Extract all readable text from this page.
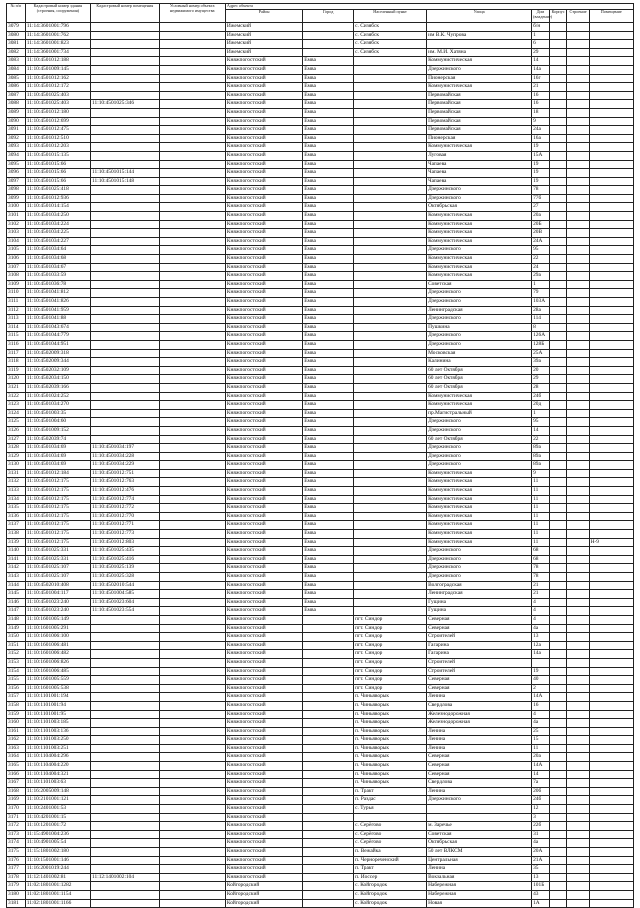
№ п/п	Кадастровый номер здания (строения, сооружения)	Кадастровый номер помещения	Условный номер объекта недвижимого имущества	Адрес объекта							
				Район	Город	Населенный пункт	Улица	Дом (владение)	Корпус	Строение	Помещение
3079	11:14:3601001:796			Ижемский		с. Сизябск		б/н			
3080	11:14:3601001:762			Ижемский		с. Сизябск	им В.К. Чупрова	1			
3081	11:14:3601001:823			Ижемский		с. Сизябск		6			
3082	11:14:3601001:734			Ижемский		с. Сизябск	им. М.И. Хатяна	29			
3083	11:10:4501012:188			Княжпогостский	Емва		Коммунистическая	14			
3084	11:10:4501009:145			Княжпогостский	Емва		Дзержинского	14а			
3085	11:10:4501012:162			Княжпогостский	Емва		Пионерская	16г			
3086	11:10:4501012:172			Княжпогостский	Емва		Коммунистическая	21			
3087	11:10:4501025:403			Княжпогостский	Емва		Первомайская	16			
3088	11:10:4501025:403	11:10:4501025:346		Княжпогостский	Емва		Первомайская	16			
3089	11:10:4501012:180			Княжпогостский	Емва		Первомайская	18			
3090	11:10:4501012:699			Княжпогостский	Емва		Первомайская	9			
3091	11:10:4501012:475			Княжпогостский	Емва		Первомайская	24а			
3092	11:10:4501012:510			Княжпогостский	Емва		Пионерская	16а			
3093	11:10:4501012:203			Княжпогостский	Емва		Коммунистическая	19			
3094	11:10:4501015:135			Княжпогостский	Емва		Луговая	15А			
3095	11:10:4501015:66			Княжпогостский	Емва		Чапаева	19			
3096	11:10:4501015:66	11:10:4501015:144		Княжпогостский	Емва		Чапаева	19			
3097	11:10:4501015:66	11:10:4501015:148		Княжпогостский	Емва		Чапаева	19			
3098	11:10:4501025:418			Княжпогостский	Емва		Дзержинского	78			
3099	11:10:4501012:936			Княжпогостский	Емва		Дзержинского	77б			
3100	11:10:4501014:154			Княжпогостский	Емва		Октябрьская	27			
3101	11:10:4501034:250			Княжпогостский	Емва		Коммунистическая	20а			
3102	11:10:4501034:224			Княжпогостский	Емва		Коммунистическая	20Б			
3103	11:10:4501034:225			Княжпогостский	Емва		Коммунистическая	20В			
3104	11:10:4501034:227			Княжпогостский	Емва		Коммунистическая	24А			
3105	11:10:4501034:64			Княжпогостский	Емва		Дзержинского	95			
3106	11:10:4501034:68			Княжпогостский	Емва		Коммунистическая	22			
3107	11:10:4501034:67			Княжпогостский	Емва		Коммунистическая	24			
3108	11:10:4501033:59			Княжпогостский	Емва		Коммунистическая	29а			
3109	11:10:4501036:78			Княжпогостский	Емва		Советская	1			
3110	11:10:4501041:812			Княжпогостский	Емва		Дзержинского	79			
3111	11:10:4501041:826			Княжпогостский	Емва		Дзержинского	103А			
3112	11:10:4501041:959			Княжпогостский	Емва		Ленинградская	28а			
3113	11:10:4501041:88			Княжпогостский	Емва		Дзержинского	114			
3114	11:10:4501043:674			Княжпогостский	Емва		Пушкина	8			
3115	11:10:4501044:779			Княжпогостский	Емва		Дзержинского	126А			
3116	11:10:4501044:951			Княжпогостский	Емва		Дзержинского	128Б			
3117	11:10:4502009:318			Княжпогостский	Емва		Московская	25А			
3118	11:10:4502009:344			Княжпогостский	Емва		Калинина	39а			
3119	11:10:4502032:109			Княжпогостский	Емва		60 лет Октября	20			
3120	11:10:4502034:150			Княжпогостский	Емва		60 лет Октября	29			
3121	11:10:4502039:166			Княжпогостский	Емва		60 лет Октября	28			
3122	11:10:4501024:252			Княжпогостский	Емва		Коммунистическая	24б			
3123	11:10:4501034:270			Княжпогостский	Емва		Коммунистическая	20д			
3124	11:10:4501003:35			Княжпогостский	Емва		пр.Магистральный	1			
3125	11:10:4501004:60			Княжпогостский	Емва		Дзержинского	95			
3126	11:10:4501009:152			Княжпогостский	Емва		Дзержинского	14			
3127	11:10:4502039:74			Княжпогостский	Емва		60 лет Октября	22			
3128	11:10:4501034:69	11:10:4501034:197		Княжпогостский	Емва		Дзержинского	89а			
3129	11:10:4501034:69	11:10:4501034:228		Княжпогостский	Емва		Дзержинского	89а			
3130	11:10:4501034:69	11:10:4501034:229		Княжпогостский	Емва		Дзержинского	89а			
3131	11:10:4501012:184	11:10:4501012:751		Княжпогостский	Емва		Коммунистическая	9			
3132	11:10:4501012:175	11:10:4501012:763		Княжпогостский	Емва		Коммунистическая	11			
3133	11:10:4501012:175	11:10:4501012:476		Княжпогостский	Емва		Коммунистическая	11			
3134	11:10:4501012:175	11:10:4501012:774		Княжпогостский	Емва		Коммунистическая	11			
3135	11:10:4501012:175	11:10:4501012:772		Княжпогостский	Емва		Коммунистическая	11			
3136	11:10:4501012:175	11:10:4501012:770		Княжпогостский	Емва		Коммунистическая	11			
3137	11:10:4501012:175	11:10:4501012:771		Княжпогостский	Емва		Коммунистическая	11			
3138	11:10:4501012:175	11:10:4501012:773		Княжпогостский	Емва		Коммунистическая	11			
3139	11:10:4501012:175	11:10:4501012:803		Княжпогостский	Емва		Коммунистическая	11			Н-9
3140	11:10:4501025:331	11:10:4501025:435		Княжпогостский	Емва		Дзержинского	68			
3141	11:10:4501025:331	11:10:4501025:416		Княжпогостский	Емва		Дзержинского	68			
3142	11:10:4501025:107	11:10:4501025:139		Княжпогостский	Емва		Дзержинского	78			
3143	11:10:4501025:107	11:10:4501025:328		Княжпогостский	Емва		Дзержинского	78			
3144	11:10:4502010:408	11:10:4502010:544		Княжпогостский	Емва		Волгоградская	21			
3145	11:10:4501004:117	11:10:4501004:585		Княжпогостский	Емва		Ленинградская	21			
3146	11:10:4501023:240	11:10:4501023:604		Княжпогостский	Емва		Гущина	4			
3147	11:10:4501023:240	11:10:4501023:554		Княжпогостский	Емва		Гущина	4			
3148	11:10:1601005:149			Княжпогостский		пгт. Синдор	Северная	4			
3149	11:10:1601005:291			Княжпогостский		пгт. Синдор	Северная	4а			
3150	11:10:1601006:100			Княжпогостский		пгт. Синдор	Строителей	13			
3151	11:10:1601006:481			Княжпогостский		пгт. Синдор	Гагарина	12а			
3152	11:10:1601006:482			Княжпогостский		пгт. Синдор	Гагарина	14а			
3153	11:10:1601006:826			Княжпогостский		пгт. Синдор	Строителей				
3154	11:10:1601006:485			Княжпогостский		пгт. Синдор	Строителей	19			
3155	11:10:1601005:559			Княжпогостский		пгт. Синдор	Северная	40			
3156	11:10:1601005:538			Княжпогостский		пгт. Синдор	Северная	2			
3157	11:10:1101001:194			Княжпогостский		п. Чиньяворык	Ленина	14А			
3158	11:10:1101001:94			Княжпогостский		п. Чиньяворык	Свердлова	16			
3159	11:10:1101001:95			Княжпогостский		п. Чиньяворык	Железнодорожная	4			
3160	11:10:1101003:185			Княжпогостский		п. Чиньяворык	Железнодорожная	4а			
3161	11:10:1101003:136			Княжпогостский		п. Чиньяворык	Ленина	25			
3162	11:10:1101003:250			Княжпогостский		п. Чиньяворык	Ленина	15			
3163	11:10:1101003:251			Княжпогостский		п. Чиньяворык	Ленина	11			
3164	11:10:1104004:296			Княжпогостский		п. Чиньяворык	Северная	20а			
3165	11:10:1104004:220			Княжпогостский		п. Чиньяворык	Северная	14А			
3166	11:10:1104004:321			Княжпогостский		п. Чиньяворык	Северная	14			
3167	11:10:1101003:63			Княжпогостский		п. Чиньяворык	Свердлова	7а			
3168	11:16:2005009:148			Княжпогостский		п. Тракт	Ленина	20б			
3169	11:10:2101001:121			Княжпогостский		п. Раздас	Дзержинского	24б			
3170	11:10:2401001:53			Княжпогостский		с. Турья		12			
3171	11:10:4201001:15			Княжпогостский				3			
3172	11:10:1201001:72			Княжпогостский		с. Серёгово	м. Заречье	22б			
3173	11:15:4901004:236			Княжпогостский		с. Серёгово	Советская	31			
3174	11:10:4901005:54			Княжпогостский		с. Серёгово	Октябрьская	4а			
3175	11:15:1801002:180			Княжпогостский		п. Вежайка	50 лет ВЛКСМ	20А			
3176	11:10:1501001:146			Княжпогостский		п. Чернореченский	Центральная	21А			
3177	11:16:2001019:244			Княжпогостский		п. Тракт	Ленина	35			
3178	11:12:1401002:81	11:12:1401002:104		Княжпогостский		п. Иоссер	Вокзальная	13			
3179	11:02:1801001:1282			Койгородский		с. Койгородок	Набережная	101Б			
3180	11:02:1801001:1154			Койгородский		с. Койгородок	Набережная	43			
3181	11:02:1801001:1166			Койгородский		с. Койгородок	Новая	1А			
